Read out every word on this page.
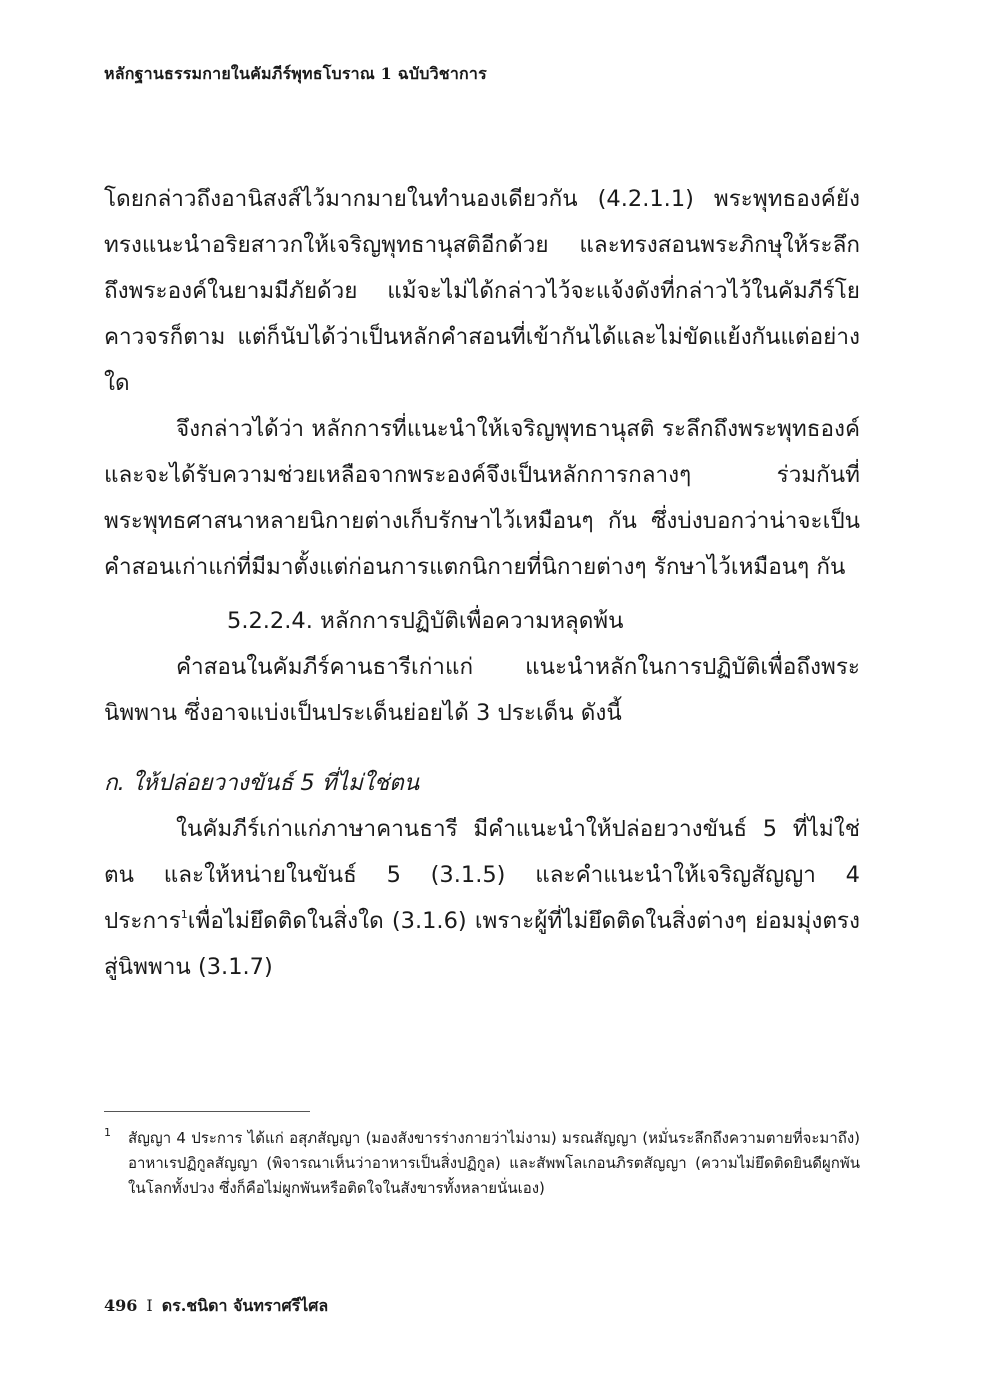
หลักฐานธรรมกายในคัมภีร์พุทธโบราณ 1 ฉบับวิชาการ

โดยกล่าวถึงอานิสงส์ไว้มากมายในทำนองเดียวกัน (4.2.1.1) พระพุทธองค์ยังทรงแนะนำอริยสาวกให้เจริญพุทธานุสติอีกด้วย และทรงสอนพระภิกษุให้ระลึกถึงพระองค์ในยามมีภัยด้วย แม้จะไม่ได้กล่าวไว้จะแจ้งดังที่กล่าวไว้ในคัมภีร์โยคาวจรก็ตาม แต่ก็นับได้ว่าเป็นหลักคำสอนที่เข้ากันได้และไม่ขัดแย้งกันแต่อย่างใด

จึงกล่าวได้ว่า หลักการที่แนะนำให้เจริญพุทธานุสติ ระลึกถึงพระพุทธองค์และจะได้รับความช่วยเหลือจากพระองค์จึงเป็นหลักการกลางๆ ร่วมกันที่พระพุทธศาสนาหลายนิกายต่างเก็บรักษาไว้เหมือนๆ กัน ซึ่งบ่งบอกว่าน่าจะเป็นคำสอนเก่าแก่ที่มีมาตั้งแต่ก่อนการแตกนิกายที่นิกายต่างๆ รักษาไว้เหมือนๆ กัน

5.2.2.4. หลักการปฏิบัติเพื่อความหลุดพ้น

คำสอนในคัมภีร์คานธารีเก่าแก่ แนะนำหลักในการปฏิบัติเพื่อถึงพระนิพพาน ซึ่งอาจแบ่งเป็นประเด็นย่อยได้ 3 ประเด็น ดังนี้

ก. ให้ปล่อยวางขันธ์ 5 ที่ไม่ใช่ตน

ในคัมภีร์เก่าแก่ภาษาคานธารี มีคำแนะนำให้ปล่อยวางขันธ์ 5 ที่ไม่ใช่ตน และให้หน่ายในขันธ์ 5 (3.1.5) และคำแนะนำให้เจริญสัญญา 4 ประการ$^1$เพื่อไม่ยึดติดในสิ่งใด (3.1.6) เพราะผู้ที่ไม่ยึดติดในสิ่งต่างๆ ย่อมมุ่งตรงสู่นิพพาน (3.1.7)

1 สัญญา 4 ประการ ได้แก่ อสุภสัญญา (มองสังขารร่างกายว่าไม่งาม) มรณสัญญา (หมั่นระลึกถึงความตายที่จะมาถึง) อาหาเรปฏิกูลสัญญา (พิจารณาเห็นว่าอาหารเป็นสิ่งปฏิกูล) และสัพพโลเกอนภิรตสัญญา (ความไม่ยึดติดยินดีผูกพันในโลกทั้งปวง ซึ่งก็คือไม่ผูกพันหรือติดใจในสังขารทั้งหลายนั่นเอง)
496 I ดร.ชนิดา จันทราศรีไศล
